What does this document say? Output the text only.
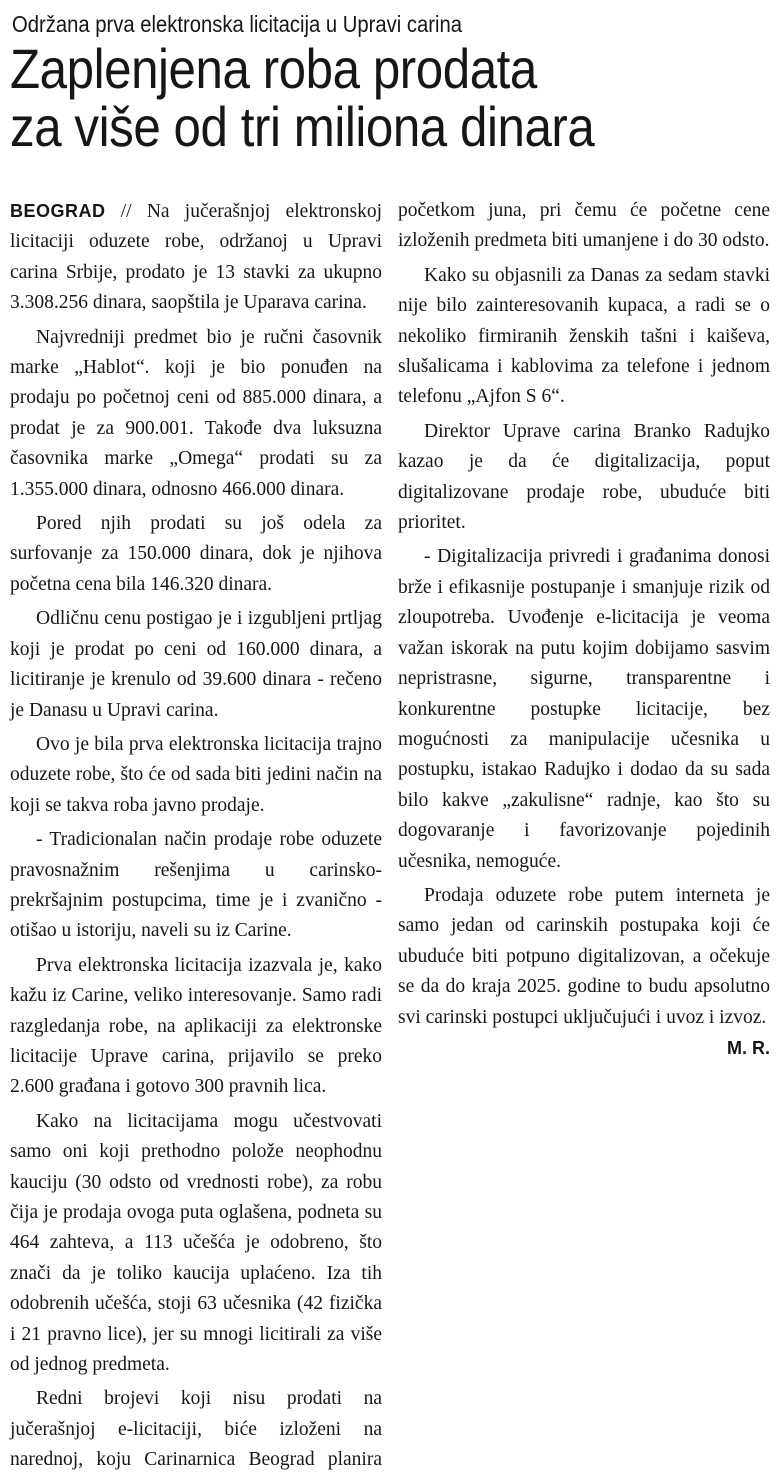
Održana prva elektronska licitacija u Upravi carina
Zaplenjena roba prodata
za više od tri miliona dinara

BEOGRAD // Na jučerašnjoj elektronskoj licitaciji oduzete robe, održanoj u Upravi carina Srbije, prodato je 13 stavki za ukupno 3.308.256 dinara, saopštila je Uparava carina.

Najvredniji predmet bio je ručni časovnik marke „Hablot“. koji je bio ponuđen na prodaju po početnoj ceni od 885.000 dinara, a prodat je za 900.001. Takođe dva luksuzna časovnika marke „Omega“ prodati su za 1.355.000 dinara, odnosno 466.000 dinara.

Pored njih prodati su još odela za surfovanje za 150.000 dinara, dok je njihova početna cena bila 146.320 dinara.

Odličnu cenu postigao je i izgubljeni prtljag koji je prodat po ceni od 160.000 dinara, a licitiranje je krenulo od 39.600 dinara - rečeno je Danasu u Upravi carina.

Ovo je bila prva elektronska licitacija trajno oduzete robe, što će od sada biti jedini način na koji se takva roba javno prodaje.

- Tradicionalan način prodaje robe oduzete pravosnažnim rešenjima u carinsko-prekršajnim postupcima, time je i zvanično - otišao u istoriju, naveli su iz Carine.

Prva elektronska licitacija izazvala je, kako kažu iz Carine, veliko interesovanje. Samo radi razgledanja robe, na aplikaciji za elektronske licitacije Uprave carina, prijavilo se preko 2.600 građana i gotovo 300 pravnih lica.

Kako na licitacijama mogu učestvovati samo oni koji prethodno polože neophodnu kauciju (30 odsto od vrednosti robe), za robu čija je prodaja ovoga puta oglašena, podneta su 464 zahteva, a 113 učešća je odobreno, što znači da je toliko kaucija uplaćeno. Iza tih odobrenih učešća, stoji 63 učesnika (42 fizička i 21 pravno lice), jer su mnogi licitirali za više od jednog predmeta.

Redni brojevi koji nisu prodati na jučerašnjoj e-licitaciji, biće izloženi na narednoj, koju Carinarnica Beograd planira početkom juna, pri čemu će početne cene izloženih predmeta biti umanjene i do 30 odsto.

Kako su objasnili za Danas za sedam stavki nije bilo zainteresovanih kupaca, a radi se o nekoliko firmiranih ženskih tašni i kaiševa, slušalicama i kablovima za telefone i jednom telefonu „Ajfon S 6“.

Direktor Uprave carina Branko Radujko kazao je da će digitalizacija, poput digitalizovane prodaje robe, ubuduće biti prioritet.

- Digitalizacija privredi i građanima donosi brže i efikasnije postupanje i smanjuje rizik od zloupotreba. Uvođenje e-licitacija je veoma važan iskorak na putu kojim dobijamo sasvim nepristrasne, sigurne, transparentne i konkurentne postupke licitacije, bez mogućnosti za manipulacije učesnika u postupku, istakao Radujko i dodao da su sada bilo kakve „zakulisne“ radnje, kao što su dogovaranje i favorizovanje pojedinih učesnika, nemoguće.

Prodaja oduzete robe putem interneta je samo jedan od carinskih postupaka koji će ubuduće biti potpuno digitalizovan, a očekuje se da do kraja 2025. godine to budu apsolutno svi carinski postupci uključujući i uvoz i izvoz.
M. R.
